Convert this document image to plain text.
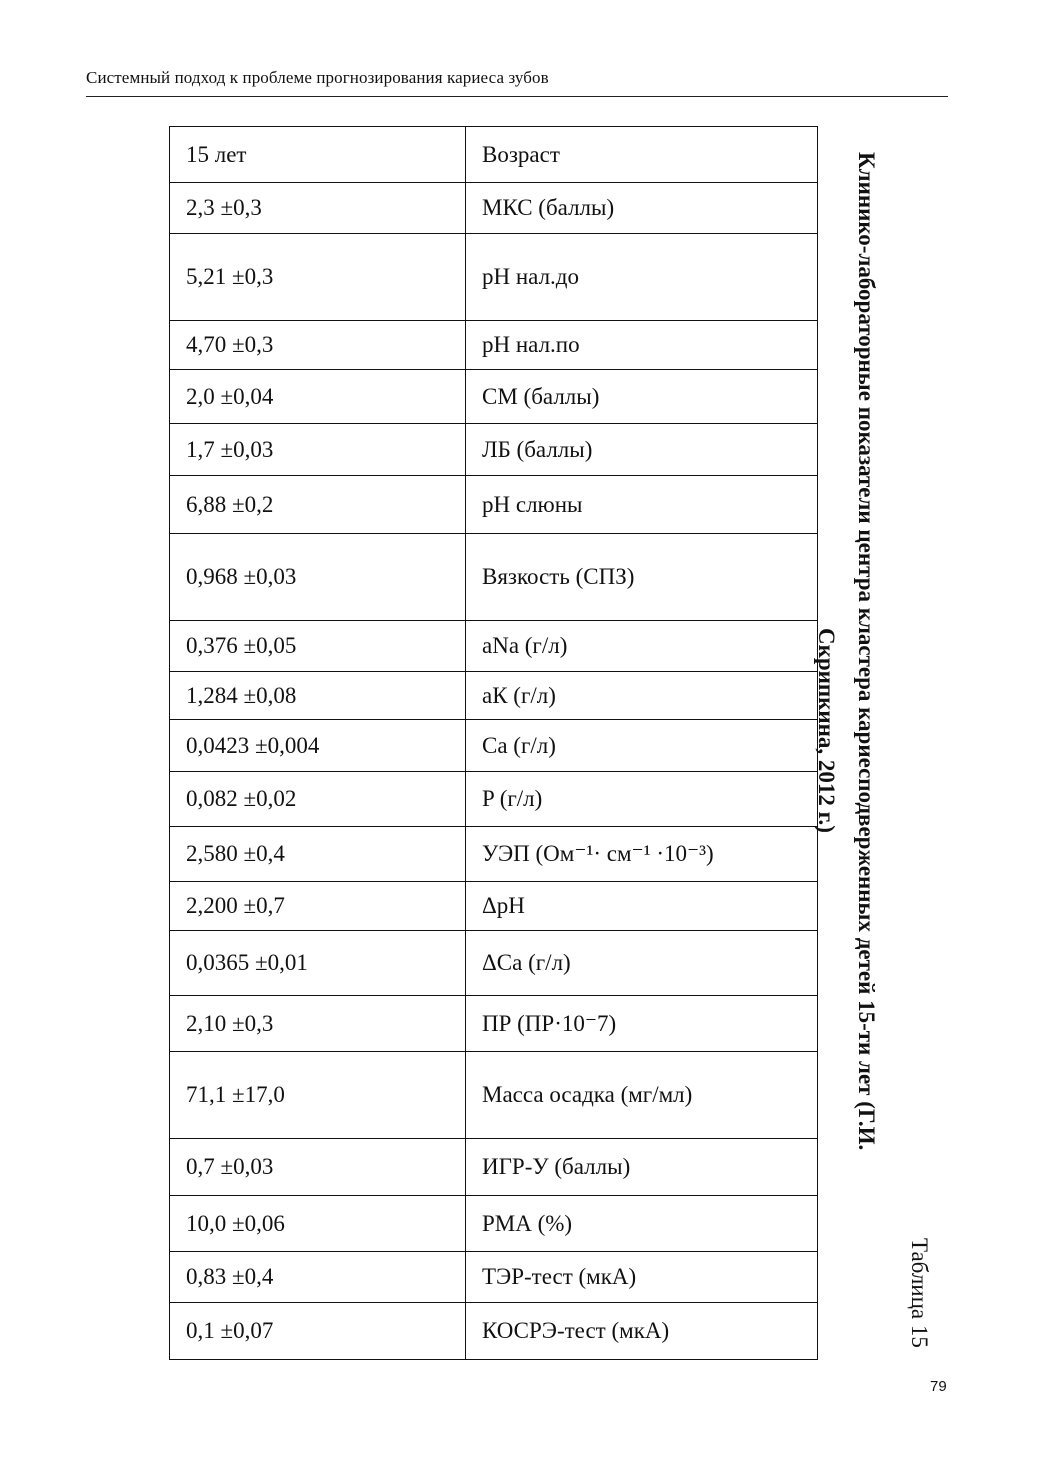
Системный подход к проблеме прогнозирования кариеса зубов
15 лет	Возраст
2,3 ±0,3	МКС (баллы)
5,21 ±0,3	pH нал.до
4,70 ±0,3	pH нал.по
2,0 ±0,04	СМ (баллы)
1,7 ±0,03	ЛБ (баллы)
6,88 ±0,2	pH слюны
0,968 ±0,03	Вязкость (СПЗ)
0,376 ±0,05	aNa (г/л)
1,284 ±0,08	аК (г/л)
0,0423 ±0,004	Ca (г/л)
0,082 ±0,02	P (г/л)
2,580 ±0,4	УЭП (Ом⁻¹· см⁻¹ ·10⁻³)
2,200 ±0,7	ΔpH
0,0365 ±0,01	ΔCa (г/л)
2,10 ±0,3	ПР (ПР·10⁻7)
71,1 ±17,0	Масса осадка (мг/мл)
0,7 ±0,03	ИГР-У (баллы)
10,0 ±0,06	РМА (%)
0,83 ±0,4	ТЭР-тест (мкА)
0,1 ±0,07	КОСРЭ-тест (мкА)
Клинико-лабораторные показатели центра кластера кариесподверженных детей 15-ти лет (Г.И.
Скрипкина, 2012 г.)
Таблица 15
79
